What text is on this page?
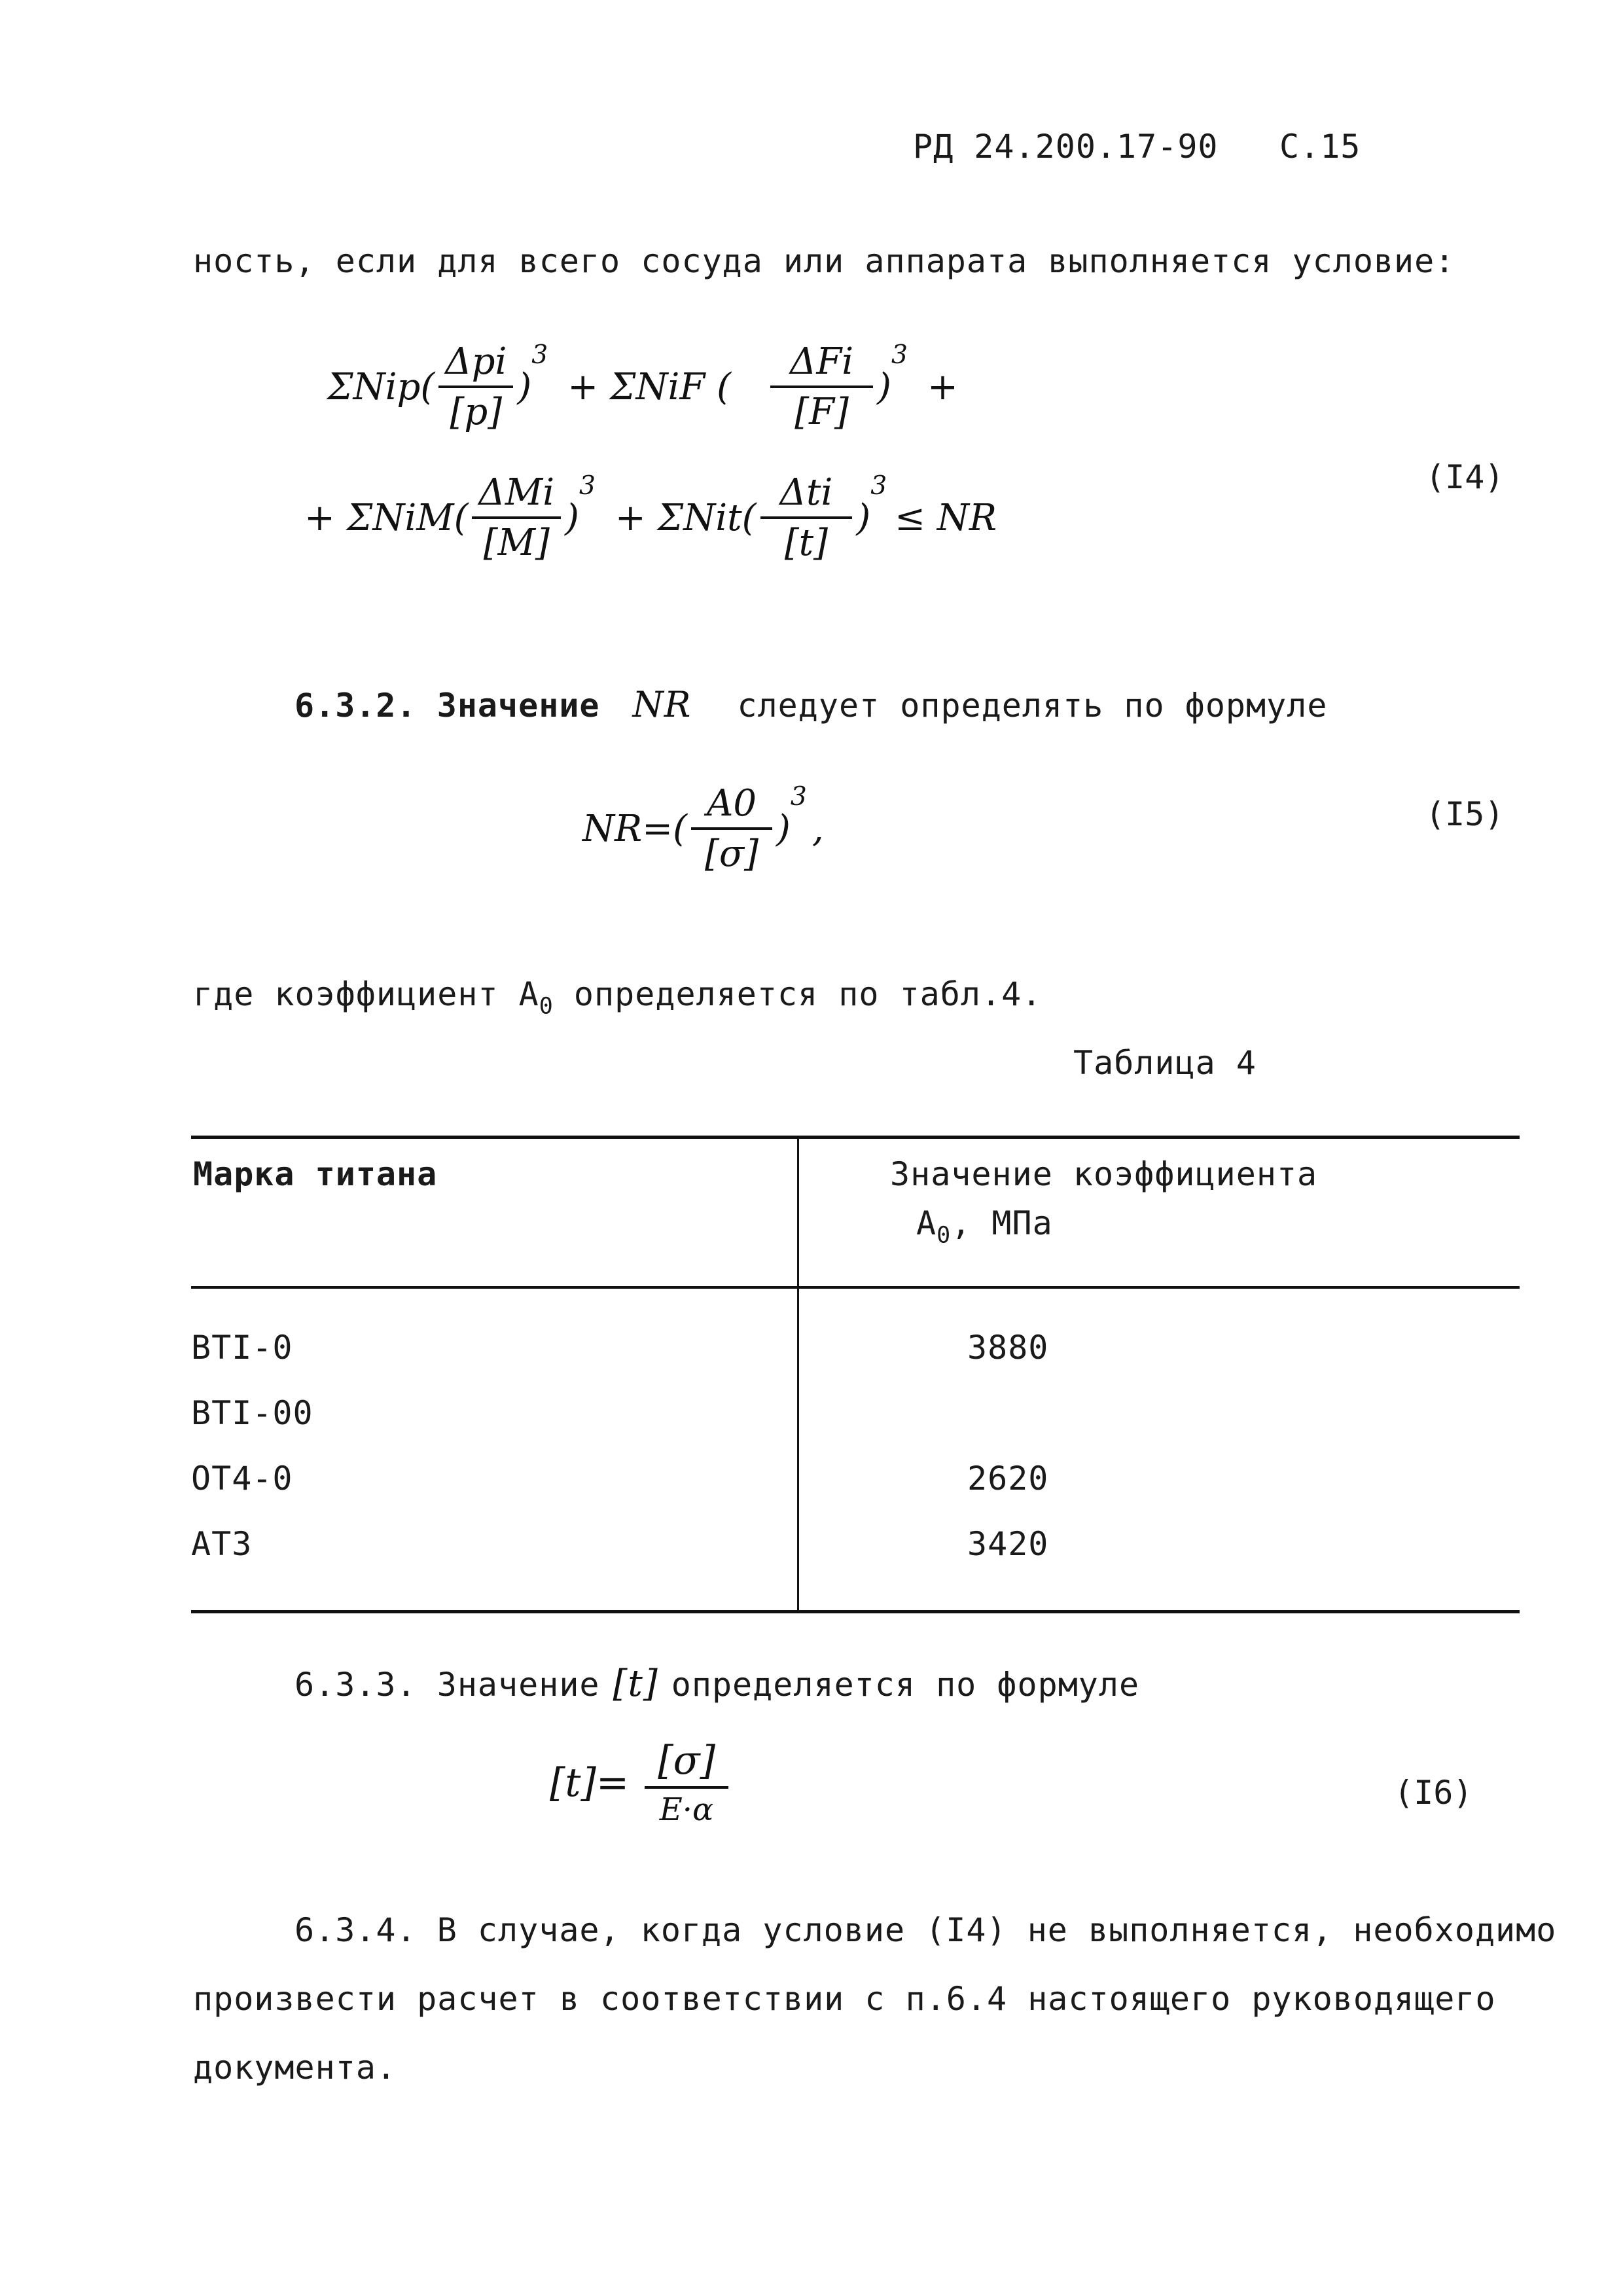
РД 24.200.17-90 С.15
ность, если для всего сосуда или аппарата выполняется условие:
$\Sigma Nip( \frac{\text{Δpi}}{[p]}$ )
$^3$
+ ΣNiF ( $\frac{\text{ΔFi}}{[F]}$ )
$^3$
+
+ $\Sigma NiM( \frac{\text{ΔMi}}{[M]}$ )
$^3$
+ $\Sigma Nit( \frac{\text{Δti}}{[t]}$ )
$^3$
≤ NR
(I4)
6.3.2. Значение NR следует определять по формуле
$NR=( \frac{A0}{[\sigma]}$ )
$^3$
,	(I5)
где коэффициент $A_0$ определяется по табл.4.
Таблица 4
Марка титана	Значение коэффициента
$A_0$, МПа
BTI-0	3880
BTI-00
OT4-0	2620
AT3	3420
6.3.3. Значение [t] определяется по формуле
$[t]= \frac{[\sigma]}{E\cdot\alpha}$	(I6)
6.3.4. В случае, когда условие (I4) не выполняется, необходимо
произвести расчет в соответствии с п.6.4 настоящего руководящего
документа.
